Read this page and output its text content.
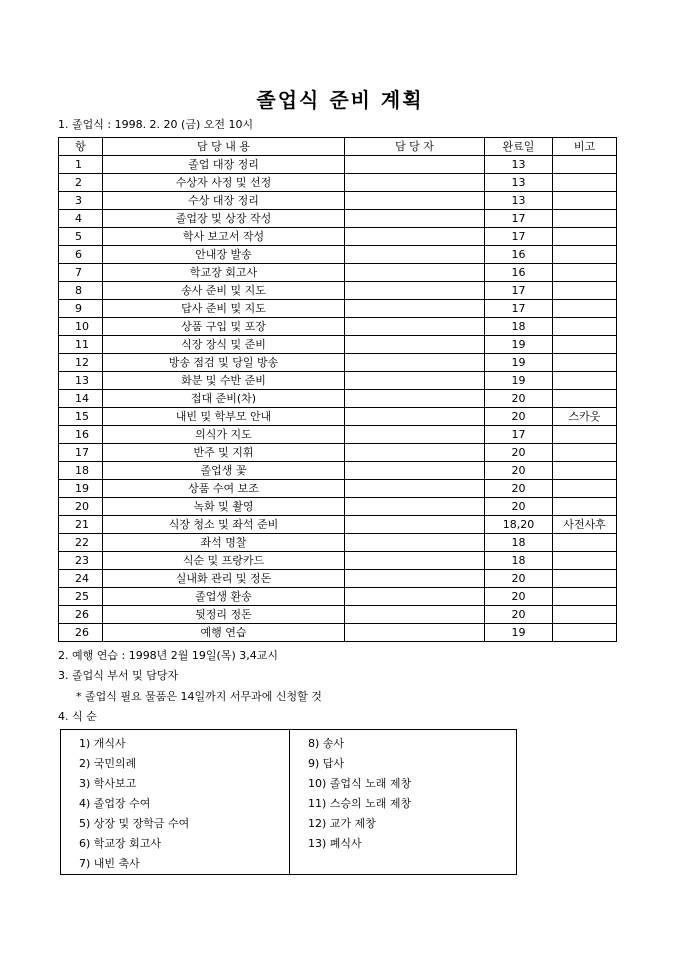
졸업식 준비 계획
1. 졸업식 : 1998. 2. 20 (금) 오전 10시
항	담 당 내 용	담 당 자	완료일	비고
1	졸업 대장 정리		13	
2	수상자 사정 및 선정		13	
3	수상 대장 정리		13	
4	졸업장 및 상장 작성		17	
5	학사 보고서 작성		17	
6	안내장 발송		16	
7	학교장 회고사		16	
8	송사 준비 및 지도		17	
9	답사 준비 및 지도		17	
10	상품 구입 및 포장		18	
11	식장 장식 및 준비		19	
12	방송 점검 및 당일 방송		19	
13	화분 및 수반 준비		19	
14	접대 준비(차)		20	
15	내빈 및 학부모 안내		20	스카웃
16	의식가 지도		17	
17	반주 및 지휘		20	
18	졸업생 꽃		20	
19	상품 수여 보조		20	
20	녹화 및 촬영		20	
21	식장 청소 및 좌석 준비		18,20	사전사후
22	좌석 명찰		18	
23	식순 및 프랑카드		18	
24	실내화 관리 및 정돈		20	
25	졸업생 환송		20	
26	뒷정리 정돈		20	
26	예행 연습		19	
2. 예행 연습 : 1998년 2월 19일(목) 3,4교시
3. 졸업식 부서 및 담당자
* 졸업식 필요 물품은 14일까지 서무과에 신청할 것
4. 식 순
1) 개식사
2) 국민의례
3) 학사보고
4) 졸업장 수여
5) 상장 및 장학금 수여
6) 학교장 회고사
7) 내빈 축사

8) 송사
9) 답사
10) 졸업식 노래 제창
11) 스승의 노래 제창
12) 교가 제창
13) 폐식사
